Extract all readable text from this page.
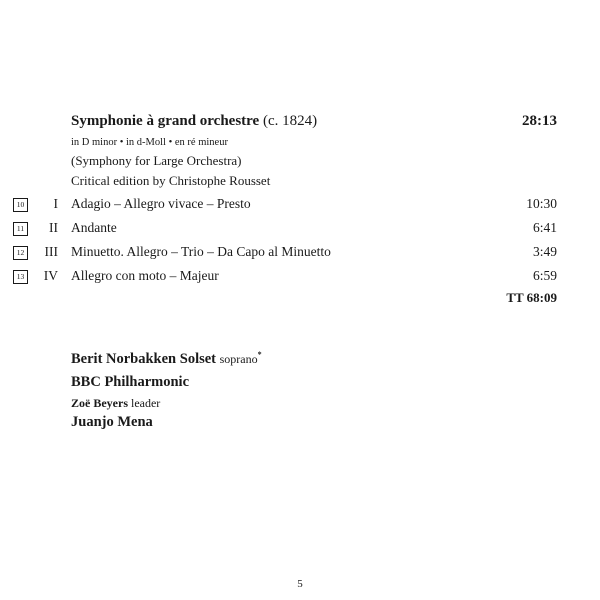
Symphonie à grand orchestre (c. 1824)	28:13
in D minor • in d-Moll • en ré mineur
(Symphony for Large Orchestra)
Critical edition by Christophe Rousset
10	I Adagio – Allegro vivace – Presto	10:30
11	II Andante	6:41
12	III Minuetto. Allegro – Trio – Da Capo al Minuetto	3:49
13	IV Allegro con moto – Majeur	6:59
TT 68:09
Berit Norbakken Solset soprano*
BBC Philharmonic
Zoë Beyers leader
Juanjo Mena
5
